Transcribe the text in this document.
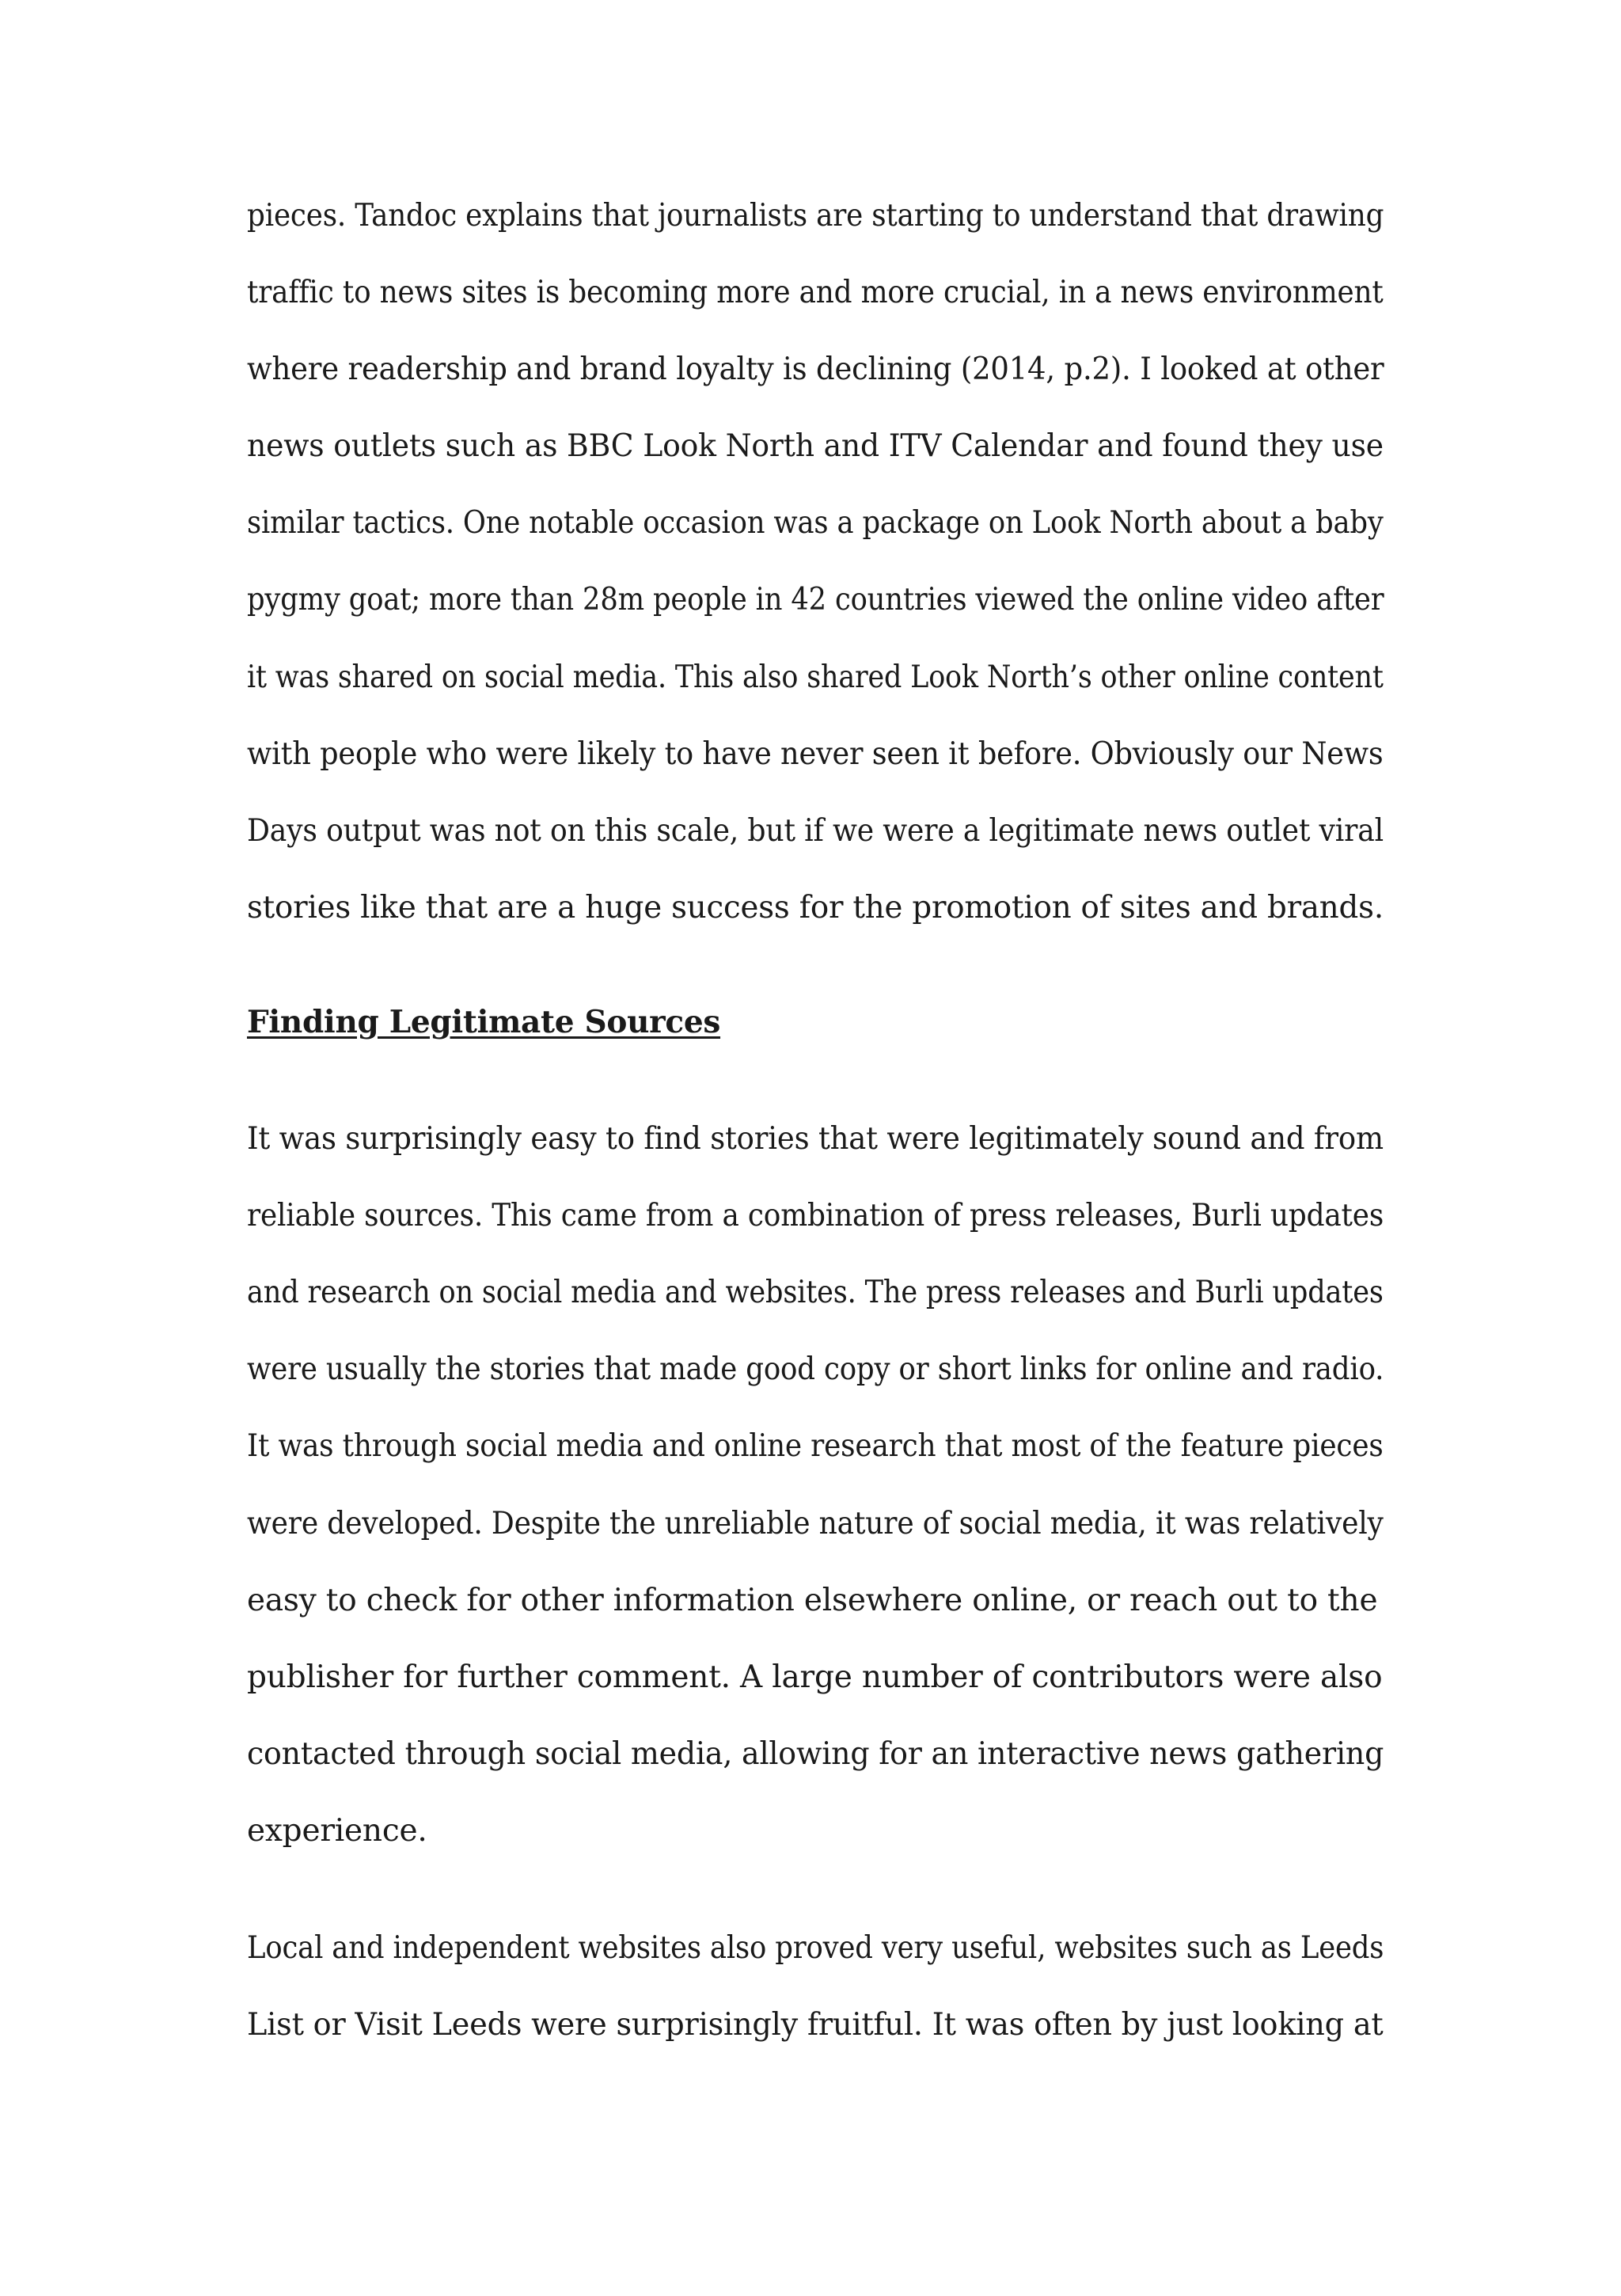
pieces. Tandoc explains that journalists are starting to understand that drawing
traffic to news sites is becoming more and more crucial, in a news environment
where readership and brand loyalty is declining (2014, p.2). I looked at other
news outlets such as BBC Look North and ITV Calendar and found they use
similar tactics. One notable occasion was a package on Look North about a baby
pygmy goat; more than 28m people in 42 countries viewed the online video after
it was shared on social media. This also shared Look North’s other online content
with people who were likely to have never seen it before. Obviously our News
Days output was not on this scale, but if we were a legitimate news outlet viral
stories like that are a huge success for the promotion of sites and brands.
Finding Legitimate Sources
It was surprisingly easy to find stories that were legitimately sound and from
reliable sources. This came from a combination of press releases, Burli updates
and research on social media and websites. The press releases and Burli updates
were usually the stories that made good copy or short links for online and radio.
It was through social media and online research that most of the feature pieces
were developed. Despite the unreliable nature of social media, it was relatively
easy to check for other information elsewhere online, or reach out to the
publisher for further comment. A large number of contributors were also
contacted through social media, allowing for an interactive news gathering
experience.
Local and independent websites also proved very useful, websites such as Leeds
List or Visit Leeds were surprisingly fruitful. It was often by just looking at
